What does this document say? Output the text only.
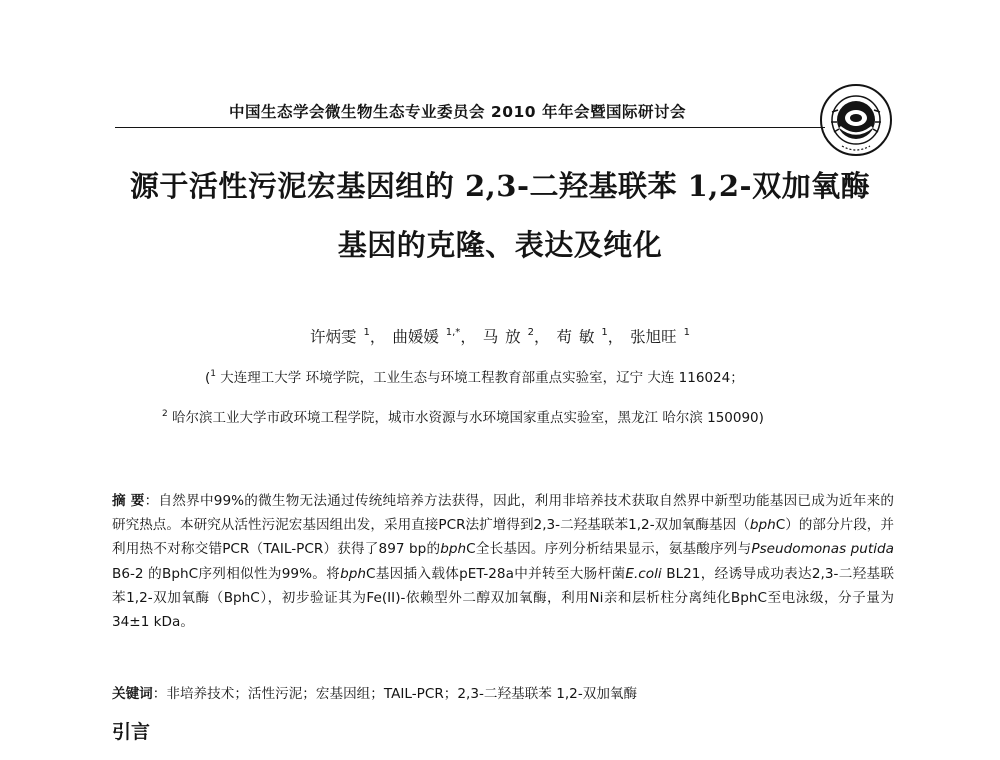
中国生态学会微生物生态专业委员会 2010 年年会暨国际研讨会
源于活性污泥宏基因组的 2,3-二羟基联苯 1,2-双加氧酶
基因的克隆、表达及纯化
许炳雯 $^1$， 曲媛媛 $^{1,*}$， 马 放 $^2$， 苟 敏 $^1$， 张旭旺 $^1$
($^1$ 大连理工大学 环境学院，工业生态与环境工程教育部重点实验室，辽宁 大连 116024；
$^2$ 哈尔滨工业大学市政环境工程学院，城市水资源与水环境国家重点实验室，黑龙江 哈尔滨 150090)
摘 要：自然界中99%的微生物无法通过传统纯培养方法获得，因此，利用非培养技术获取自然界中新型功能基因已成为近年来的研究热点。本研究从活性污泥宏基因组出发，采用直接PCR法扩增得到2,3-二羟基联苯1,2-双加氧酶基因（bphC）的部分片段，并利用热不对称交错PCR（TAIL-PCR）获得了897 bp的bphC全长基因。序列分析结果显示，氨基酸序列与Pseudomonas putida B6-2 的BphC序列相似性为99%。将bphC基因插入载体pET-28a中并转至大肠杆菌E.coli BL21，经诱导成功表达2,3-二羟基联苯1,2-双加氧酶（BphC），初步验证其为Fe(II)-依赖型外二醇双加氧酶，利用Ni亲和层析柱分离纯化BphC至电泳级，分子量为34±1 kDa。
关键词：非培养技术；活性污泥；宏基因组；TAIL-PCR；2,3-二羟基联苯 1,2-双加氧酶
引言
